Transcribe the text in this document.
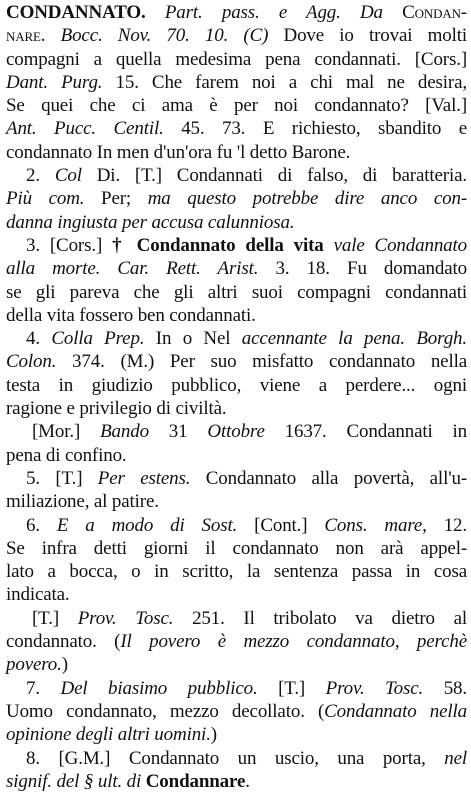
CONDANNATO. Part. pass. e Agg. Da Condan-
nare. Bocc. Nov. 70. 10. (C) Dove io trovai molti
compagni a quella medesima pena condannati. [Cors.]
Dant. Purg. 15. Che farem noi a chi mal ne desira,
Se quei che ci ama è per noi condannato? [Val.]
Ant. Pucc. Centil. 45. 73. E richiesto, sbandito e
condannato In men d'un'ora fu 'l detto Barone.
2. Col Di. [T.] Condannati di falso, di baratteria.
Più com. Per; ma questo potrebbe dire anco con-
danna ingiusta per accusa calunniosa.
3. [Cors.] † Condannato della vita vale Condannato
alla morte. Car. Rett. Arist. 3. 18. Fu domandato
se gli pareva che gli altri suoi compagni condannati
della vita fossero ben condannati.
4. Colla Prep. In o Nel accennante la pena. Borgh.
Colon. 374. (M.) Per suo misfatto condannato nella
testa in giudizio pubblico, viene a perdere... ogni
ragione e privilegio di civiltà.
[Mor.] Bando 31 Ottobre 1637. Condannati in
pena di confino.
5. [T.] Per estens. Condannato alla povertà, all'u-
miliazione, al patire.
6. E a modo di Sost. [Cont.] Cons. mare, 12.
Se infra detti giorni il condannato non arà appel-
lato a bocca, o in scritto, la sentenza passa in cosa
indicata.
[T.] Prov. Tosc. 251. Il tribolato va dietro al
condannato. (Il povero è mezzo condannato, perchè
povero.)
7. Del biasimo pubblico. [T.] Prov. Tosc. 58.
Uomo condannato, mezzo decollato. (Condannato nella
opinione degli altri uomini.)
8. [G.M.] Condannato un uscio, una porta, nel
signif. del § ult. di Condannare.
